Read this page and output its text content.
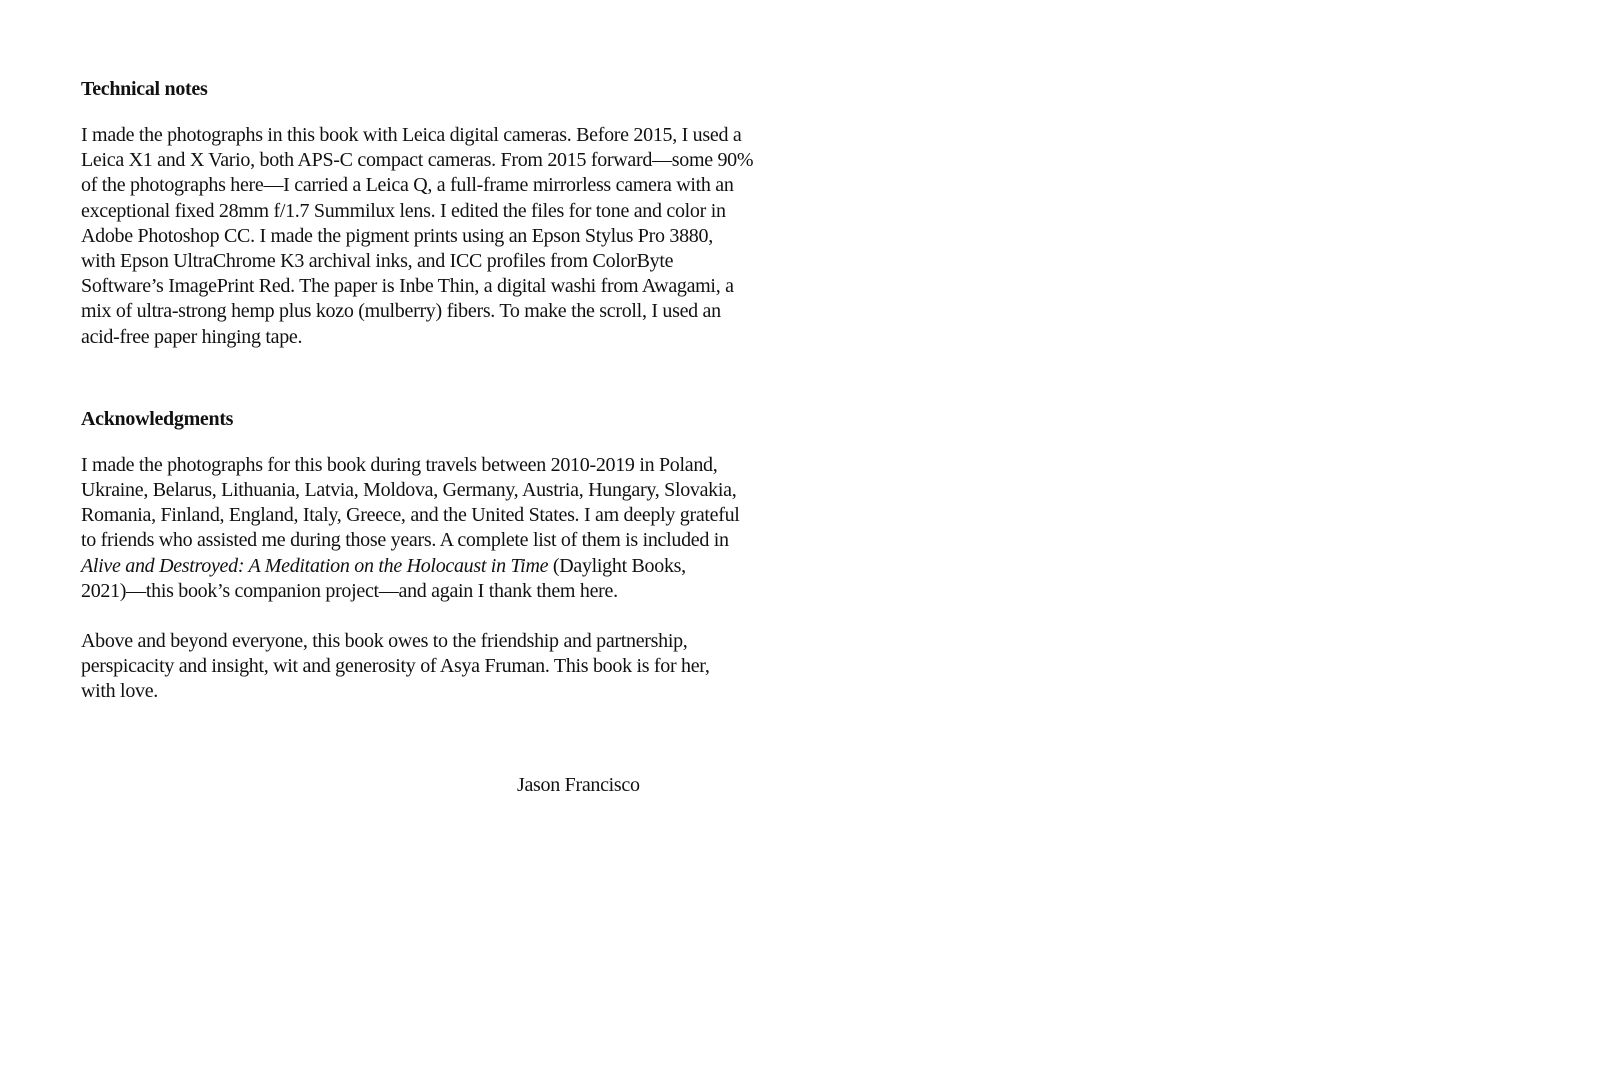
Technical notes

I made the photographs in this book with Leica digital cameras. Before 2015, I used a
Leica X1 and X Vario, both APS-C compact cameras. From 2015 forward—some 90%
of the photographs here—I carried a Leica Q, a full-frame mirrorless camera with an
exceptional fixed 28mm f/1.7 Summilux lens. I edited the files for tone and color in
Adobe Photoshop CC. I made the pigment prints using an Epson Stylus Pro 3880,
with Epson UltraChrome K3 archival inks, and ICC profiles from ColorByte
Software’s ImagePrint Red. The paper is Inbe Thin, a digital washi from Awagami, a
mix of ultra-strong hemp plus kozo (mulberry) fibers. To make the scroll, I used an
acid-free paper hinging tape.

Acknowledgments

I made the photographs for this book during travels between 2010-2019 in Poland,
Ukraine, Belarus, Lithuania, Latvia, Moldova, Germany, Austria, Hungary, Slovakia,
Romania, Finland, England, Italy, Greece, and the United States. I am deeply grateful
to friends who assisted me during those years. A complete list of them is included in
Alive and Destroyed: A Meditation on the Holocaust in Time (Daylight Books,
2021)—this book’s companion project—and again I thank them here.

Above and beyond everyone, this book owes to the friendship and partnership,
perspicacity and insight, wit and generosity of Asya Fruman. This book is for her,
with love.

Jason Francisco
